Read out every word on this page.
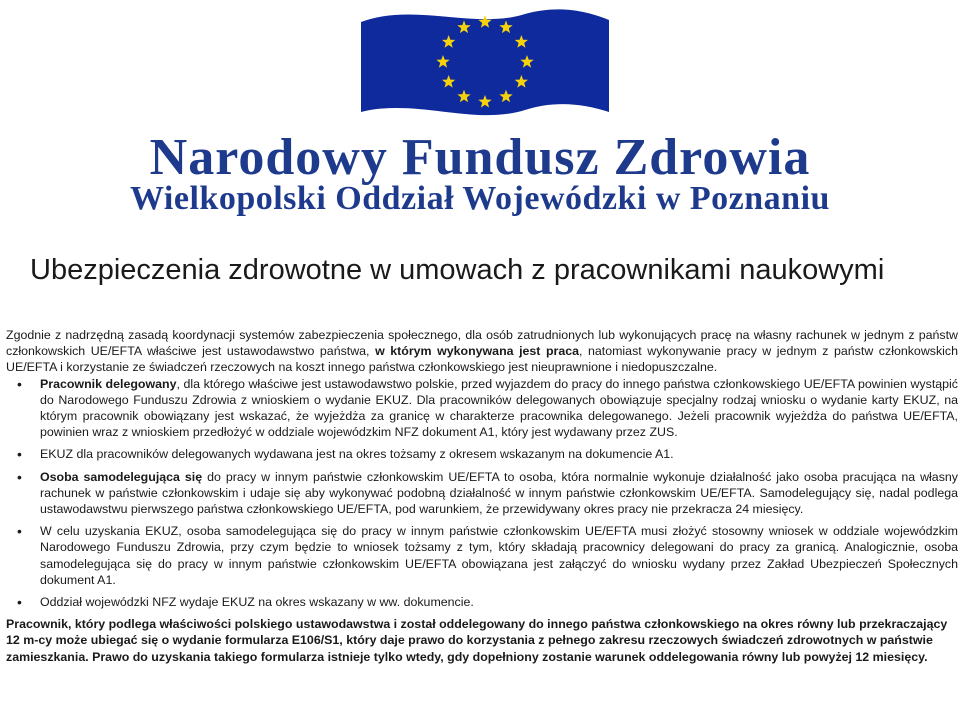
Narodowy Fundusz Zdrowia
Wielkopolski Oddział Wojewódzki w Poznaniu
Ubezpieczenia zdrowotne w umowach z pracownikami naukowymi

Zgodnie z nadrzędną zasadą koordynacji systemów zabezpieczenia społecznego, dla osób zatrudnionych lub wykonujących pracę na własny rachunek w jednym z państw członkowskich UE/EFTA właściwe jest ustawodawstwo państwa, w którym wykonywana jest praca, natomiast wykonywanie pracy w jednym z państw członkowskich UE/EFTA i korzystanie ze świadczeń rzeczowych na koszt innego państwa członkowskiego jest nieuprawnione i niedopuszczalne.

• Pracownik delegowany, dla którego właściwe jest ustawodawstwo polskie, przed wyjazdem do pracy do innego państwa członkowskiego UE/EFTA powinien wystąpić do Narodowego Funduszu Zdrowia z wnioskiem o wydanie EKUZ. Dla pracowników delegowanych obowiązuje specjalny rodzaj wniosku o wydanie karty EKUZ, na którym pracownik obowiązany jest wskazać, że wyjeżdża za granicę w charakterze pracownika delegowanego. Jeżeli pracownik wyjeżdża do państwa UE/EFTA, powinien wraz z wnioskiem przedłożyć w oddziale wojewódzkim NFZ dokument A1, który jest wydawany przez ZUS.
• EKUZ dla pracowników delegowanych wydawana jest na okres tożsamy z okresem wskazanym na dokumencie A1.
• Osoba samodelegująca się do pracy w innym państwie członkowskim UE/EFTA to osoba, która normalnie wykonuje działalność jako osoba pracująca na własny rachunek w państwie członkowskim i udaje się aby wykonywać podobną działalność w innym państwie członkowskim UE/EFTA. Samodelegujący się, nadal podlega ustawodawstwu pierwszego państwa członkowskiego UE/EFTA, pod warunkiem, że przewidywany okres pracy nie przekracza 24 miesięcy.
• W celu uzyskania EKUZ, osoba samodelegująca się do pracy w innym państwie członkowskim UE/EFTA musi złożyć stosowny wniosek w oddziale wojewódzkim Narodowego Funduszu Zdrowia, przy czym będzie to wniosek tożsamy z tym, który składają pracownicy delegowani do pracy za granicą. Analogicznie, osoba samodelegująca się do pracy w innym państwie członkowskim UE/EFTA obowiązana jest załączyć do wniosku wydany przez Zakład Ubezpieczeń Społecznych dokument A1.
• Oddział wojewódzki NFZ wydaje EKUZ na okres wskazany w ww. dokumencie.

Pracownik, który podlega właściwości polskiego ustawodawstwa i został oddelegowany do innego państwa członkowskiego na okres równy lub przekraczający 12 m-cy może ubiegać się o wydanie formularza E106/S1, który daje prawo do korzystania z pełnego zakresu rzeczowych świadczeń zdrowotnych w państwie zamieszkania. Prawo do uzyskania takiego formularza istnieje tylko wtedy, gdy dopełniony zostanie warunek oddelegowania równy lub powyżej 12 miesięcy.
